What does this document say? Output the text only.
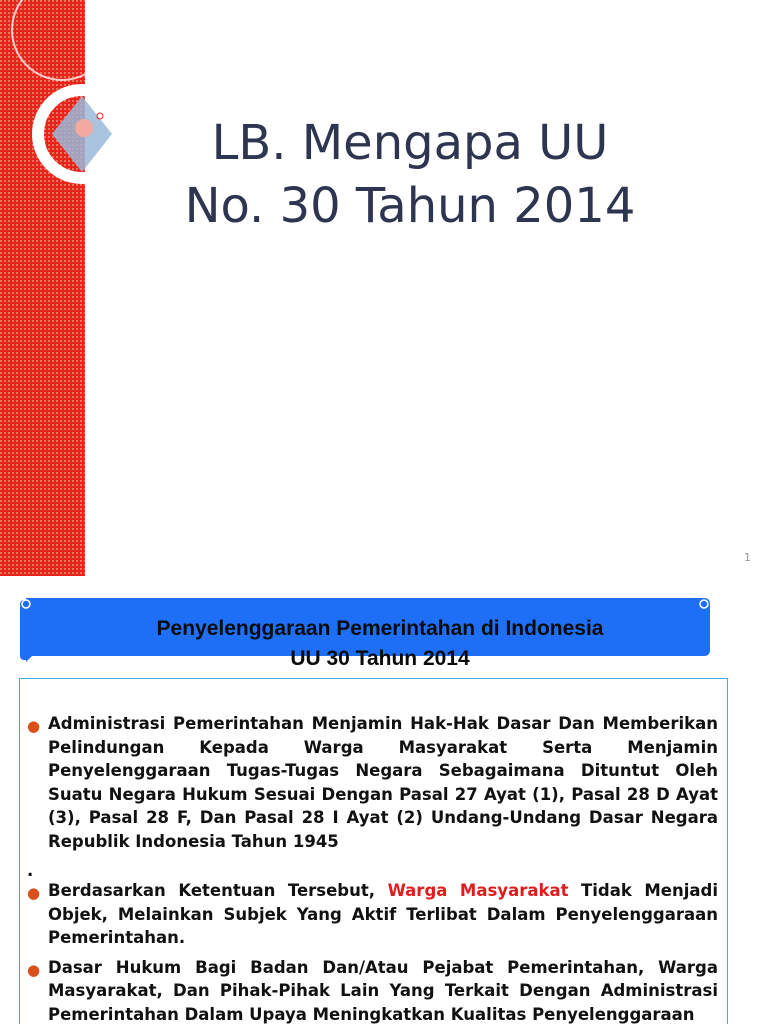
LB. Mengapa UU
No. 30 Tahun 2014
1
Penyelenggaraan Pemerintahan di Indonesia
UU 30 Tahun 2014
● Administrasi Pemerintahan Menjamin Hak-Hak Dasar Dan Memberikan Pelindungan Kepada Warga Masyarakat Serta Menjamin Penyelenggaraan Tugas-Tugas Negara Sebagaimana Dituntut Oleh Suatu Negara Hukum Sesuai Dengan Pasal 27 Ayat (1), Pasal 28 D Ayat (3), Pasal 28 F, Dan Pasal 28 I Ayat (2) Undang-Undang Dasar Negara Republik Indonesia Tahun 1945
.
● Berdasarkan Ketentuan Tersebut, Warga Masyarakat Tidak Menjadi Objek, Melainkan Subjek Yang Aktif Terlibat Dalam Penyelenggaraan Pemerintahan.
● Dasar Hukum Bagi Badan Dan/Atau Pejabat Pemerintahan, Warga Masyarakat, Dan Pihak-Pihak Lain Yang Terkait Dengan Administrasi Pemerintahan Dalam Upaya Meningkatkan Kualitas Penyelenggaraan
